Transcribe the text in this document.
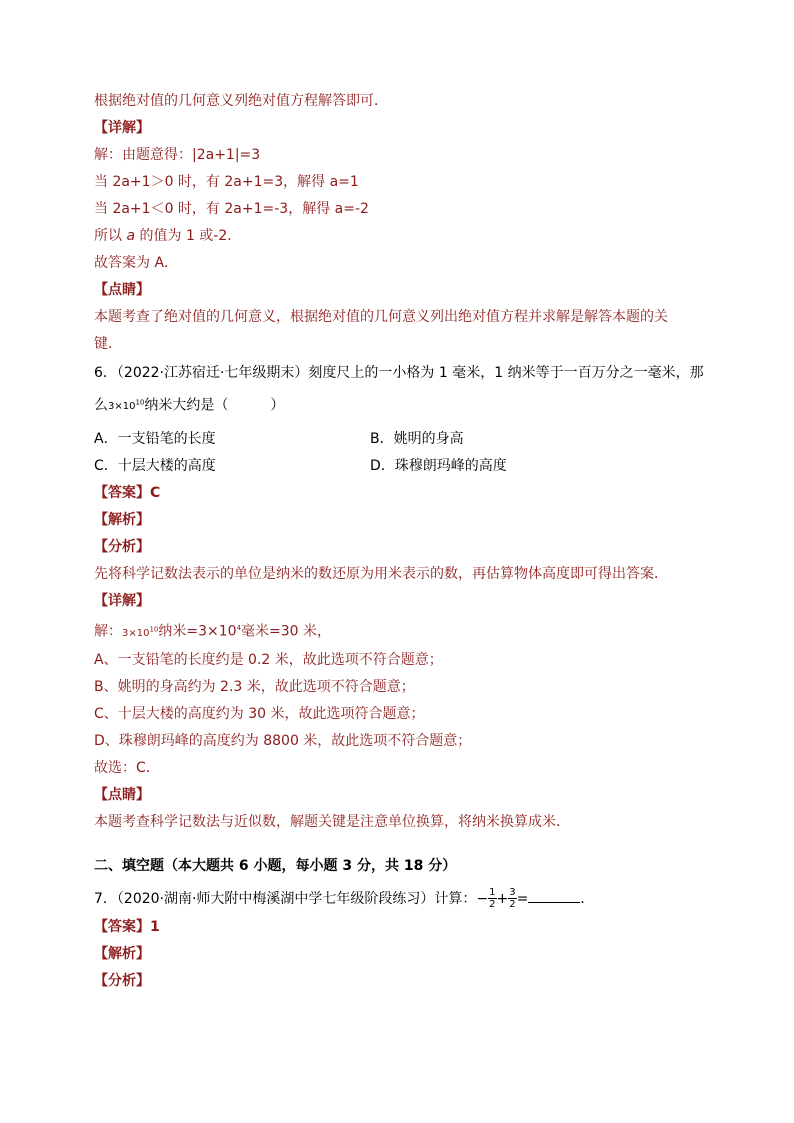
根据绝对值的几何意义列绝对值方程解答即可．
【详解】
解：由题意得：|2a+1|=3
当 2a+1＞0 时，有 2a+1=3，解得 a=1
当 2a+1＜0 时，有 2a+1=-3，解得 a=-2
所以 a 的值为 1 或-2．
故答案为 A．
【点睛】
本题考查了绝对值的几何意义，根据绝对值的几何意义列出绝对值方程并求解是解答本题的关
键．
6．（2022·江苏宿迁·七年级期末）刻度尺上的一小格为 1 毫米，1 纳米等于一百万分之一毫米，那
么$3\times 10^{10}$纳米大约是（　　　）
A．一支铅笔的长度	B．姚明的身高
C．十层大楼的高度	D．珠穆朗玛峰的高度
【答案】C
【解析】
【分析】
先将科学记数法表示的单位是纳米的数还原为用米表示的数，再估算物体高度即可得出答案．
【详解】
解：$3\times 10^{10}$纳米$=3\times 10^4$毫米=30 米，
A、一支铅笔的长度约是 0.2 米，故此选项不符合题意；
B、姚明的身高约为 2.3 米，故此选项不符合题意；
C、十层大楼的高度约为 30 米，故此选项符合题意；
D、珠穆朗玛峰的高度约为 8800 米，故此选项不符合题意；
故选：C．
【点睛】
本题考查科学记数法与近似数，解题关键是注意单位换算，将纳米换算成米．
二、填空题（本大题共 6 小题，每小题 3 分，共 18 分）
7．（2020·湖南·师大附中梅溪湖中学七年级阶段练习）计算：− $\frac{1}{2} + \frac{3}{2}$ =	．
【答案】1
【解析】
【分析】
